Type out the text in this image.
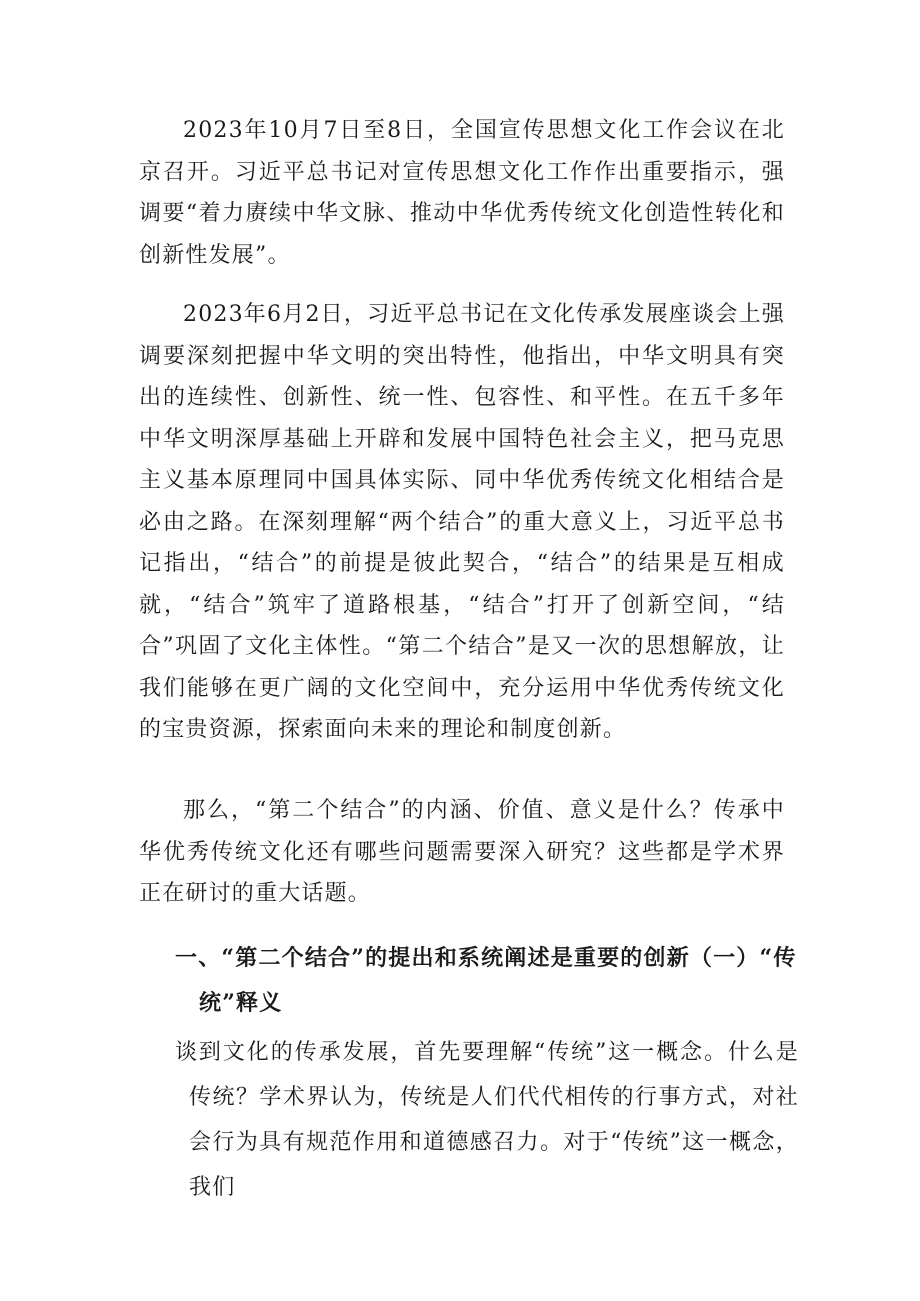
2023年10月7日至8日，全国宣传思想文化工作会议在北京召开。习近平总书记对宣传思想文化工作作出重要指示，强调要“着力赓续中华文脉、推动中华优秀传统文化创造性转化和创新性发展”。

2023年6月2日，习近平总书记在文化传承发展座谈会上强调要深刻把握中华文明的突出特性，他指出，中华文明具有突出的连续性、创新性、统一性、包容性、和平性。在五千多年中华文明深厚基础上开辟和发展中国特色社会主义，把马克思主义基本原理同中国具体实际、同中华优秀传统文化相结合是必由之路。在深刻理解“两个结合”的重大意义上，习近平总书记指出，“结合”的前提是彼此契合，“结合”的结果是互相成就，“结合”筑牢了道路根基，“结合”打开了创新空间，“结合”巩固了文化主体性。“第二个结合”是又一次的思想解放，让我们能够在更广阔的文化空间中，充分运用中华优秀传统文化的宝贵资源，探索面向未来的理论和制度创新。

那么，“第二个结合”的内涵、价值、意义是什么？传承中华优秀传统文化还有哪些问题需要深入研究？这些都是学术界正在研讨的重大话题。

一、“第二个结合”的提出和系统阐述是重要的创新（一）“传统”释义

谈到文化的传承发展，首先要理解“传统”这一概念。什么是传统？学术界认为，传统是人们代代相传的行事方式，对社会行为具有规范作用和道德感召力。对于“传统”这一概念，我们
